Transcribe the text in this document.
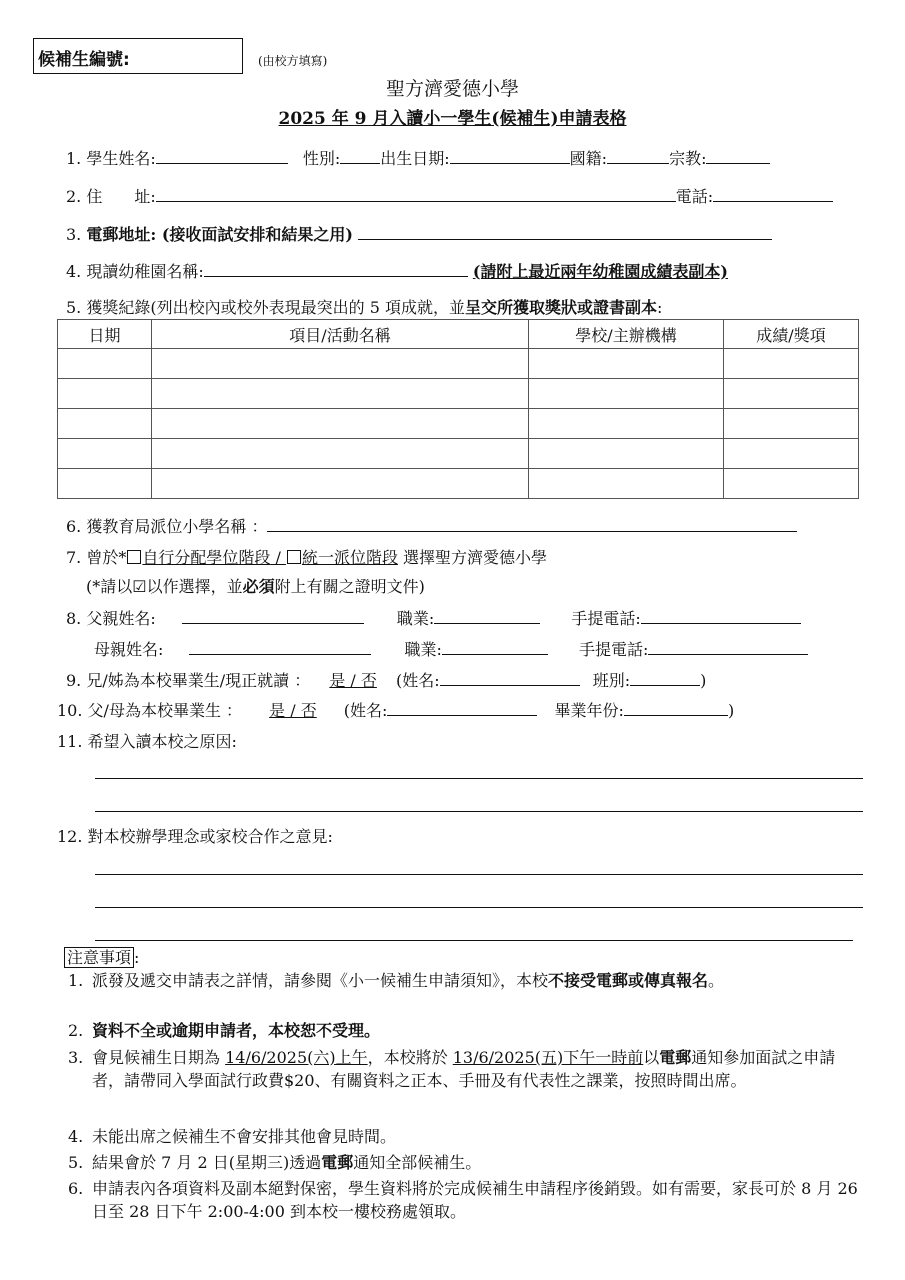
候補生編號:	(由校方填寫)
聖方濟愛德小學
2025 年 9 月入讀小一學生(候補生)申請表格
1. 學生姓名:	性別:	出生日期:	國籍:	宗教:
2. 住　　址:	電話:
3. 電郵地址: (接收面試安排和結果之用)
4. 現讀幼稚園名稱:	(請附上最近兩年幼稚園成績表副本)
5. 獲獎紀錄(列出校內或校外表現最突出的 5 項成就，並呈交所獲取獎狀或證書副本:
日期	項目/活動名稱	學校/主辦機構	成績/獎項

6. 獲教育局派位小學名稱 ：
7. 曾於* 自行分配學位階段 / 統一派位階段 選擇聖方濟愛德小學
(*請以☑以作選擇，並必須附上有關之證明文件)
8. 父親姓名:	職業:	手提電話:
母親姓名:	職業:	手提電話:
9. 兄/姊為本校畢業生/現正就讀 ： 是 / 否 (姓名:	班別:	)
10. 父/母為本校畢業生 ： 是 / 否 (姓名:	畢業年份:	)
11. 希望入讀本校之原因:
12. 對本校辦學理念或家校合作之意見:
注意事項 :
1. 派發及遞交申請表之詳情，請參閱《小一候補生申請須知》，本校不接受電郵或傳真報名。
2. 資料不全或逾期申請者，本校恕不受理。
3. 會見候補生日期為 14/6/2025(六)上午，本校將於 13/6/2025(五)下午一時前以電郵通知參加面試之申請者，請帶同入學面試行政費$20、有關資料之正本、手冊及有代表性之課業，按照時間出席。
4. 未能出席之候補生不會安排其他會見時間。
5. 結果會於 7 月 2 日(星期三)透過電郵通知全部候補生。
6. 申請表內各項資料及副本絕對保密，學生資料將於完成候補生申請程序後銷毀。如有需要，家長可於 8 月 26 日至 28 日下午 2:00-4:00 到本校一樓校務處領取。
